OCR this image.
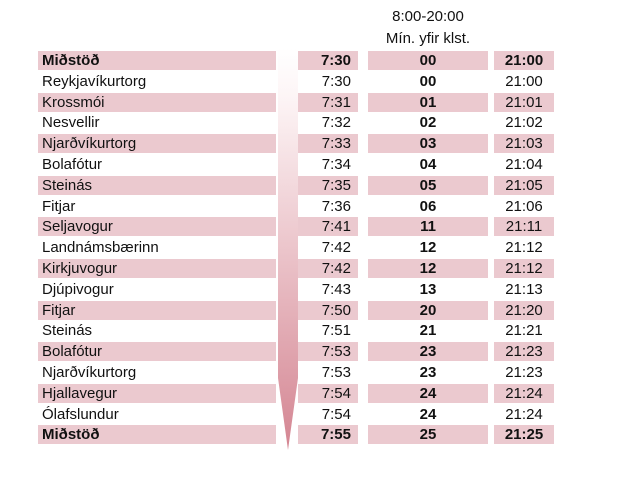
8:00-20:00
Mín. yfir klst.
Miðstöð	7:30	00	21:00
Reykjavíkurtorg	7:30	00	21:00
Krossmói	7:31	01	21:01
Nesvellir	7:32	02	21:02
Njarðvíkurtorg	7:33	03	21:03
Bolafótur	7:34	04	21:04
Steinás	7:35	05	21:05
Fitjar	7:36	06	21:06
Seljavogur	7:41	11	21:11
Landnámsbærinn	7:42	12	21:12
Kirkjuvogur	7:42	12	21:12
Djúpivogur	7:43	13	21:13
Fitjar	7:50	20	21:20
Steinás	7:51	21	21:21
Bolafótur	7:53	23	21:23
Njarðvíkurtorg	7:53	23	21:23
Hjallavegur	7:54	24	21:24
Ólafslundur	7:54	24	21:24
Miðstöð	7:55	25	21:25
